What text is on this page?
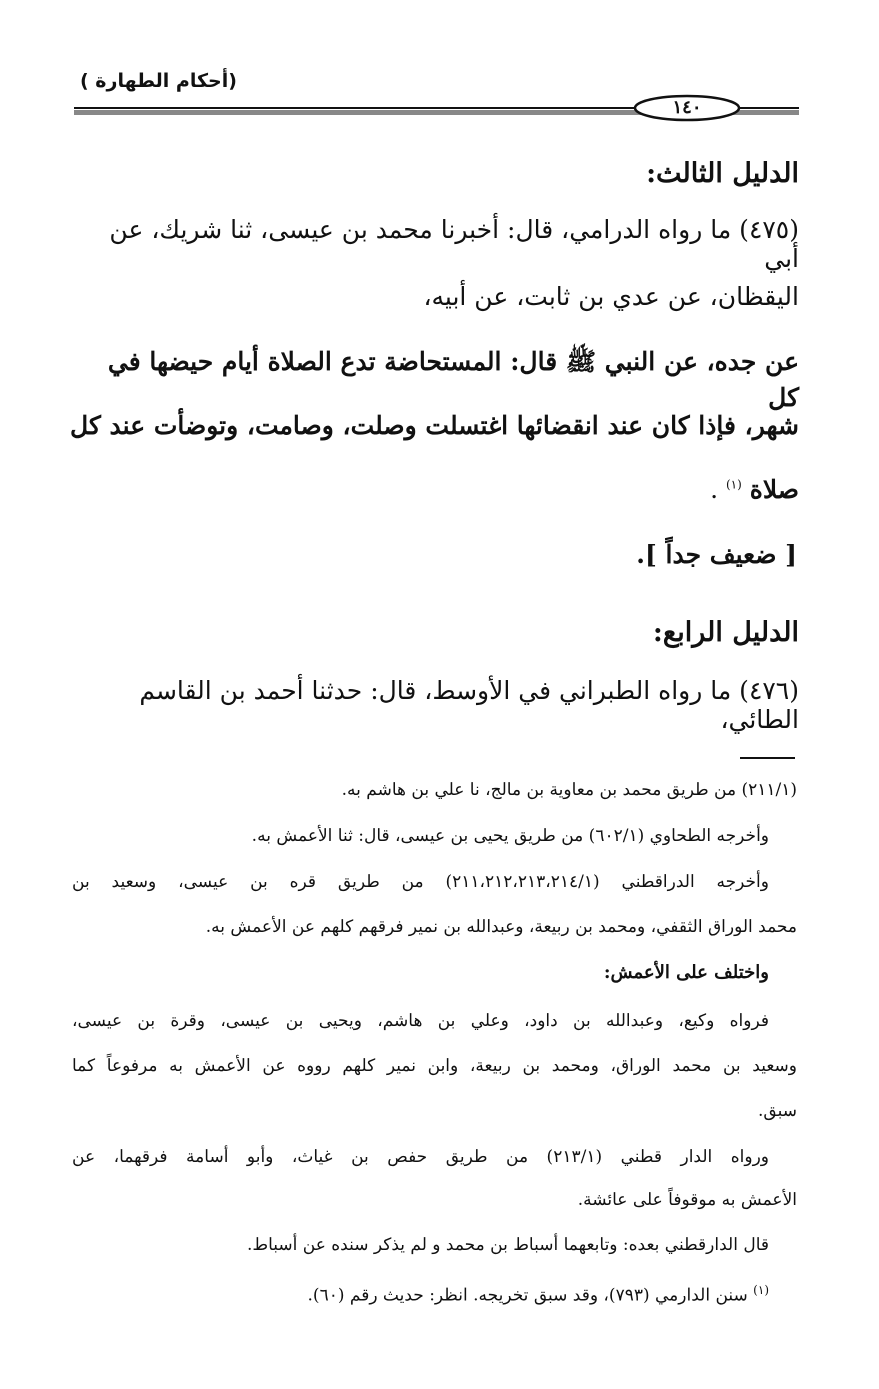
(أحكام الطهارة )
١٤٠
الدليل الثالث:
(٤٧٥) ما رواه الدرامي، قال: أخبرنا محمد بن عيسى، ثنا شريك، عن أبي
اليقظان، عن عدي بن ثابت، عن أبيه،
عن جده، عن النبي ﷺ قال: المستحاضة تدع الصلاة أيام حيضها في كل
شهر، فإذا كان عند انقضائها اغتسلت وصلت، وصامت، وتوضأت عند كل
صلاة $^{(١)}$ .
[ ضعيف جداً ].
الدليل الرابع:
(٤٧٦) ما رواه الطبراني في الأوسط، قال: حدثنا أحمد بن القاسم الطائي،
(٢١١/١) من طريق محمد بن معاوية بن مالج، نا علي بن هاشم به.
وأخرجه الطحاوي (٦٠٢/١) من طريق يحيى بن عيسى، قال: ثنا الأعمش به.
وأخرجه الدراقطني (٢١١،٢١٢،٢١٣،٢١٤/١) من طريق قره بن عيسى، وسعيد بن
محمد الوراق الثقفي، ومحمد بن ربيعة، وعبدالله بن نمير فرقهم كلهم عن الأعمش به.
واختلف على الأعمش:
فرواه وكيع، وعبدالله بن داود، وعلي بن هاشم، ويحيى بن عيسى، وقرة بن عيسى،
وسعيد بن محمد الوراق، ومحمد بن ربيعة، وابن نمير كلهم رووه عن الأعمش به مرفوعاً كما
سبق.
ورواه الدار قطني (٢١٣/١) من طريق حفص بن غياث، وأبو أسامة فرقهما، عن
الأعمش به موقوفاً على عائشة.
قال الدارقطني بعده: وتابعهما أسباط بن محمد و لم يذكر سنده عن أسباط.
$^{(١)}$ سنن الدارمي (٧٩٣)، وقد سبق تخريجه. انظر: حديث رقم (٦٠).
